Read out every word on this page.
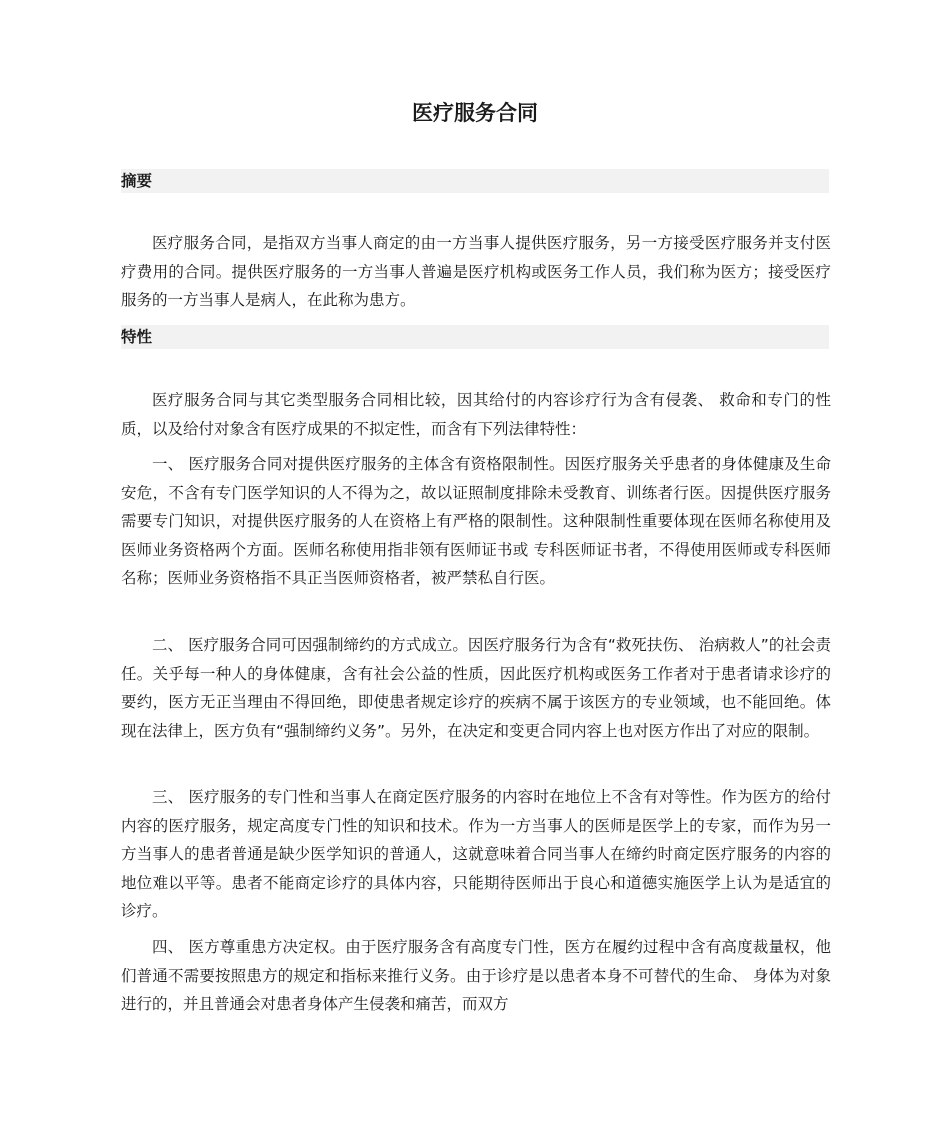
医疗服务合同
摘要

医疗服务合同，是指双方当事人商定的由一方当事人提供医疗服务，另一方接受医疗服务并支付医疗费用的合同。提供医疗服务的一方当事人普遍是医疗机构或医务工作人员，我们称为医方；接受医疗服务的一方当事人是病人，在此称为患方。

特性

医疗服务合同与其它类型服务合同相比较，因其给付的内容诊疗行为含有侵袭、 救命和专门的性质，以及给付对象含有医疗成果的不拟定性，而含有下列法律特性：

一、 医疗服务合同对提供医疗服务的主体含有资格限制性。因医疗服务关乎患者的身体健康及生命安危，不含有专门医学知识的人不得为之，故以证照制度排除未受教育、训练者行医。因提供医疗服务需要专门知识，对提供医疗服务的人在资格上有严格的限制性。这种限制性重要体现在医师名称使用及医师业务资格两个方面。医师名称使用指非领有医师证书或 专科医师证书者，不得使用医师或专科医师名称；医师业务资格指不具正当医师资格者，被严禁私自行医。

二、 医疗服务合同可因强制缔约的方式成立。因医疗服务行为含有“救死扶伤、 治病救人”的社会责任。关乎每一种人的身体健康，含有社会公益的性质，因此医疗机构或医务工作者对于患者请求诊疗的要约，医方无正当理由不得回绝，即使患者规定诊疗的疾病不属于该医方的专业领域，也不能回绝。体现在法律上，医方负有“强制缔约义务”。另外，在决定和变更合同内容上也对医方作出了对应的限制。

三、 医疗服务的专门性和当事人在商定医疗服务的内容时在地位上不含有对等性。作为医方的给付内容的医疗服务，规定高度专门性的知识和技术。作为一方当事人的医师是医学上的专家，而作为另一方当事人的患者普通是缺少医学知识的普通人，这就意味着合同当事人在缔约时商定医疗服务的内容的地位难以平等。患者不能商定诊疗的具体内容，只能期待医师出于良心和道德实施医学上认为是适宜的诊疗。

四、 医方尊重患方决定权。由于医疗服务含有高度专门性，医方在履约过程中含有高度裁量权，他们普通不需要按照患方的规定和指标来推行义务。由于诊疗是以患者本身不可替代的生命、 身体为对象进行的，并且普通会对患者身体产生侵袭和痛苦，而双方
